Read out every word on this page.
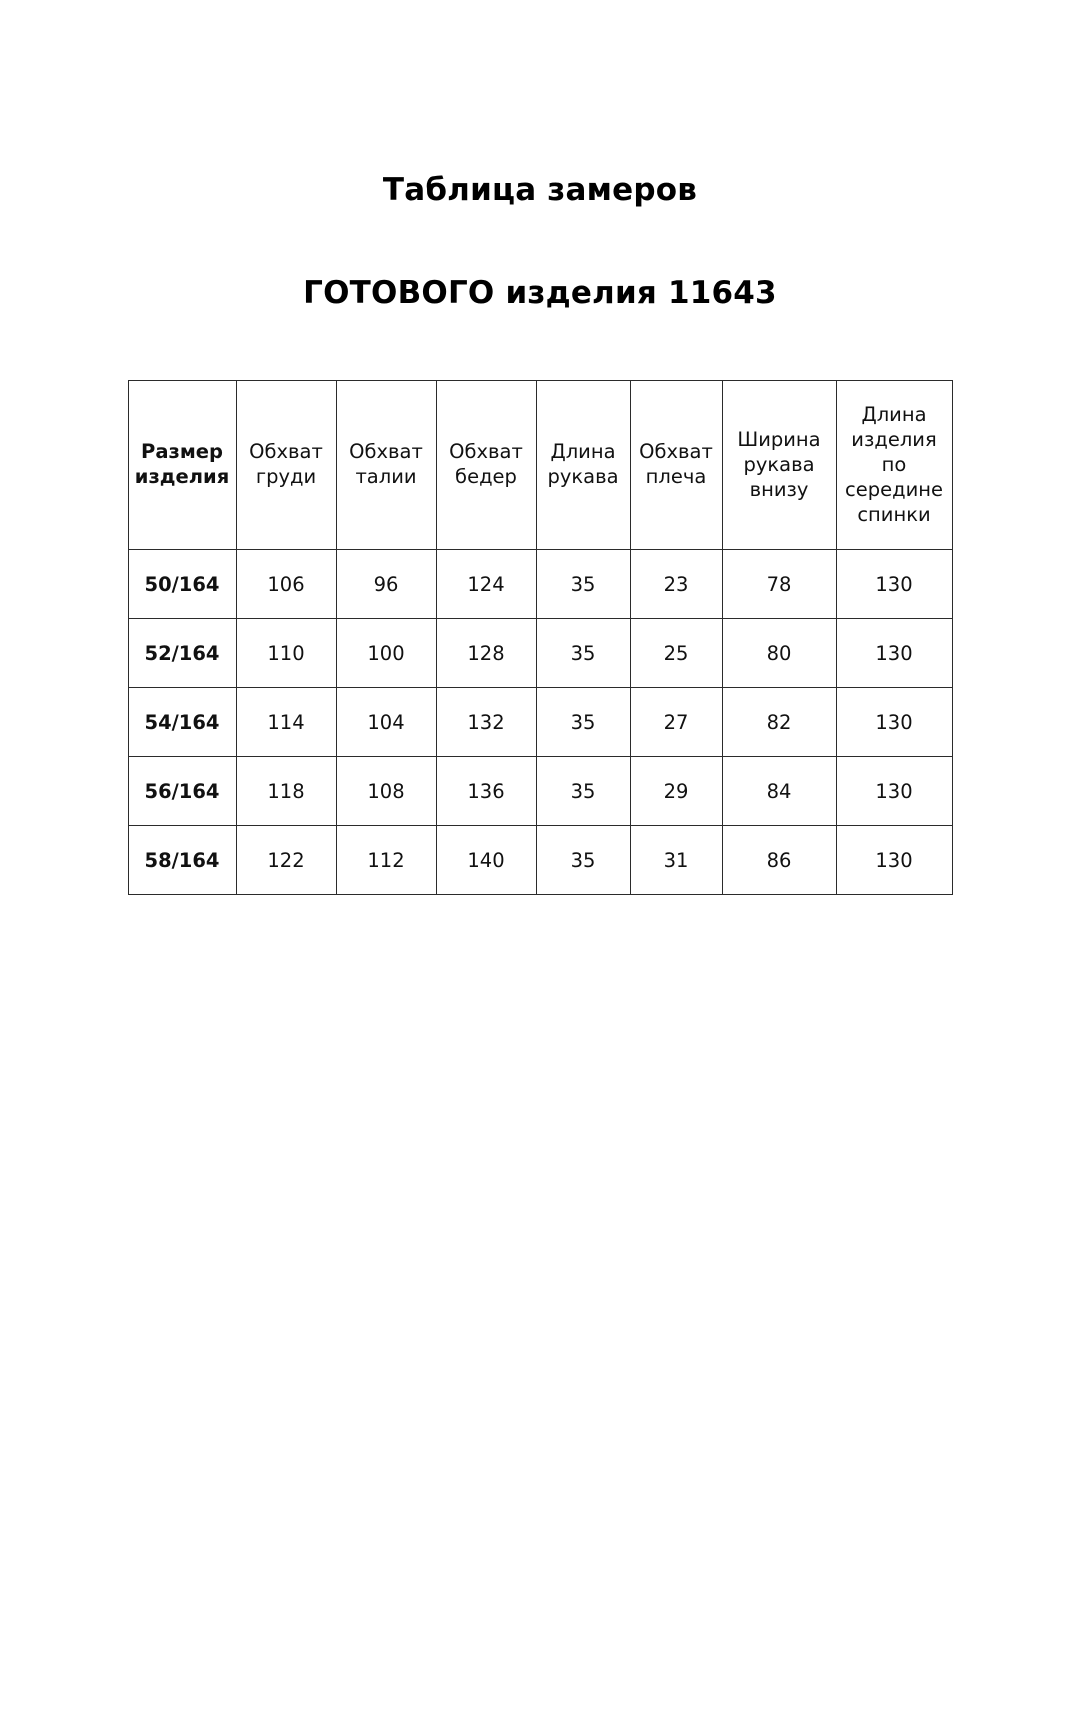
Таблица замеров
ГОТОВОГО изделия 11643
Размер изделия	Обхват груди	Обхват талии	Обхват бедер	Длина рукава	Обхват плеча	Ширина рукава внизу	Длина изделия по середине спинки
50/164	106	96	124	35	23	78	130
52/164	110	100	128	35	25	80	130
54/164	114	104	132	35	27	82	130
56/164	118	108	136	35	29	84	130
58/164	122	112	140	35	31	86	130
